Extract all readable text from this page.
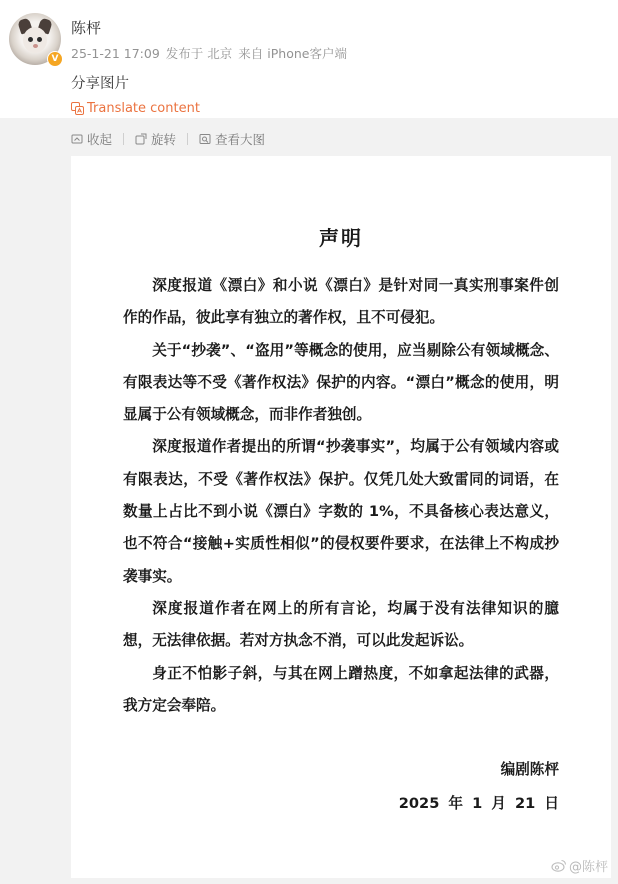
V
陈枰
25-1-21 17:09 发布于 北京 来自 iPhone客户端
分享图片
Translate content
收起	旋转	查看大图
声明

深度报道《漂白》和小说《漂白》是针对同一真实刑事案件创作的作品，彼此享有独立的著作权，且不可侵犯。

关于“抄袭”、“盗用”等概念的使用，应当剔除公有领域概念、有限表达等不受《著作权法》保护的内容。“漂白”概念的使用，明显属于公有领域概念，而非作者独创。

深度报道作者提出的所谓“抄袭事实”，均属于公有领域内容或有限表达，不受《著作权法》保护。仅凭几处大致雷同的词语，在数量上占比不到小说《漂白》字数的 1%，不具备核心表达意义，也不符合“接触+实质性相似”的侵权要件要求，在法律上不构成抄袭事实。

深度报道作者在网上的所有言论，均属于没有法律知识的臆想，无法律依据。若对方执念不消，可以此发起诉讼。

身正不怕影子斜，与其在网上蹭热度，不如拿起法律的武器，我方定会奉陪。

编剧陈枰
2025 年 1 月 21 日
@陈枰
